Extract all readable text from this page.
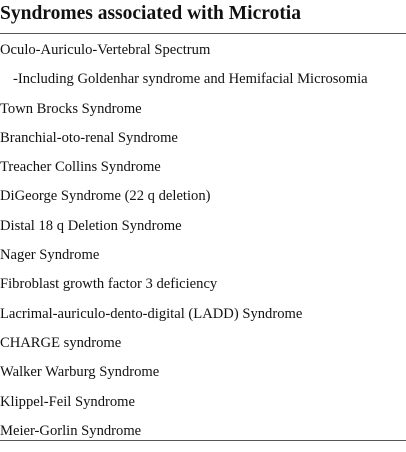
Syndromes associated with Microtia
Oculo-Auriculo-Vertebral Spectrum
-Including Goldenhar syndrome and Hemifacial Microsomia
Town Brocks Syndrome
Branchial-oto-renal Syndrome
Treacher Collins Syndrome
DiGeorge Syndrome (22 q deletion)
Distal 18 q Deletion Syndrome
Nager Syndrome
Fibroblast growth factor 3 deficiency
Lacrimal-auriculo-dento-digital (LADD) Syndrome
CHARGE syndrome
Walker Warburg Syndrome
Klippel-Feil Syndrome
Meier-Gorlin Syndrome
